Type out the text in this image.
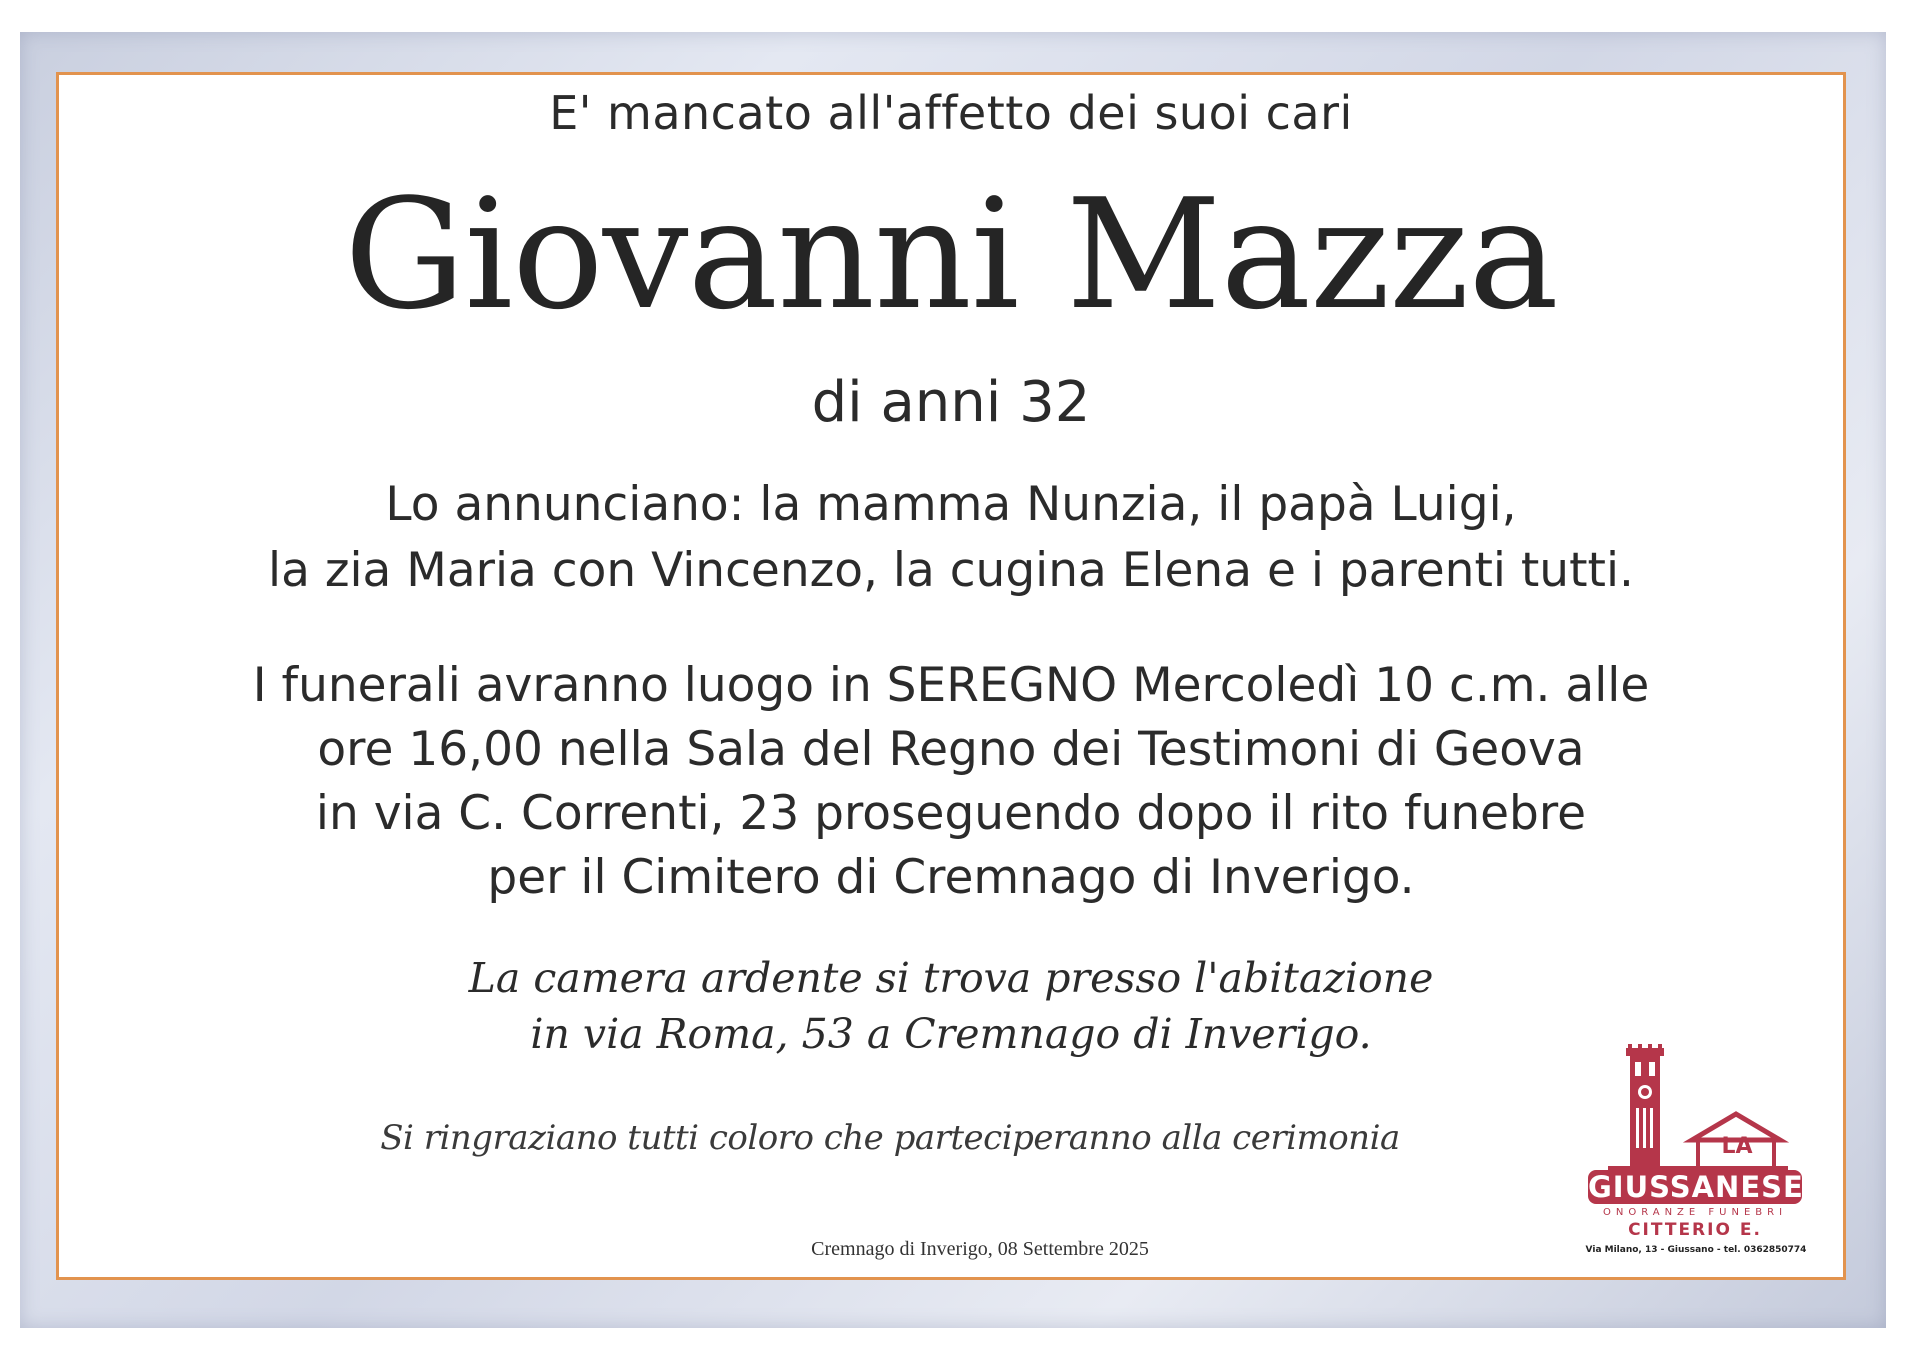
E' mancato all'affetto dei suoi cari
Giovanni Mazza
di anni 32
Lo annunciano: la mamma Nunzia, il papà Luigi,
la zia Maria con Vincenzo, la cugina Elena e i parenti tutti.
I funerali avranno luogo in SEREGNO Mercoledì 10 c.m. alle
ore 16,00 nella Sala del Regno dei Testimoni di Geova
in via C. Correnti, 23 proseguendo dopo il rito funebre
per il Cimitero di Cremnago di Inverigo.
La camera ardente si trova presso l'abitazione
in via Roma, 53 a Cremnago di Inverigo.
Si ringraziano tutti coloro che parteciperanno alla cerimonia
Cremnago di Inverigo, 08 Settembre 2025
LA
GIUSSANESE
ONORANZE FUNEBRI
CITTERIO E.
Via Milano, 13 - Giussano - tel. 0362850774
